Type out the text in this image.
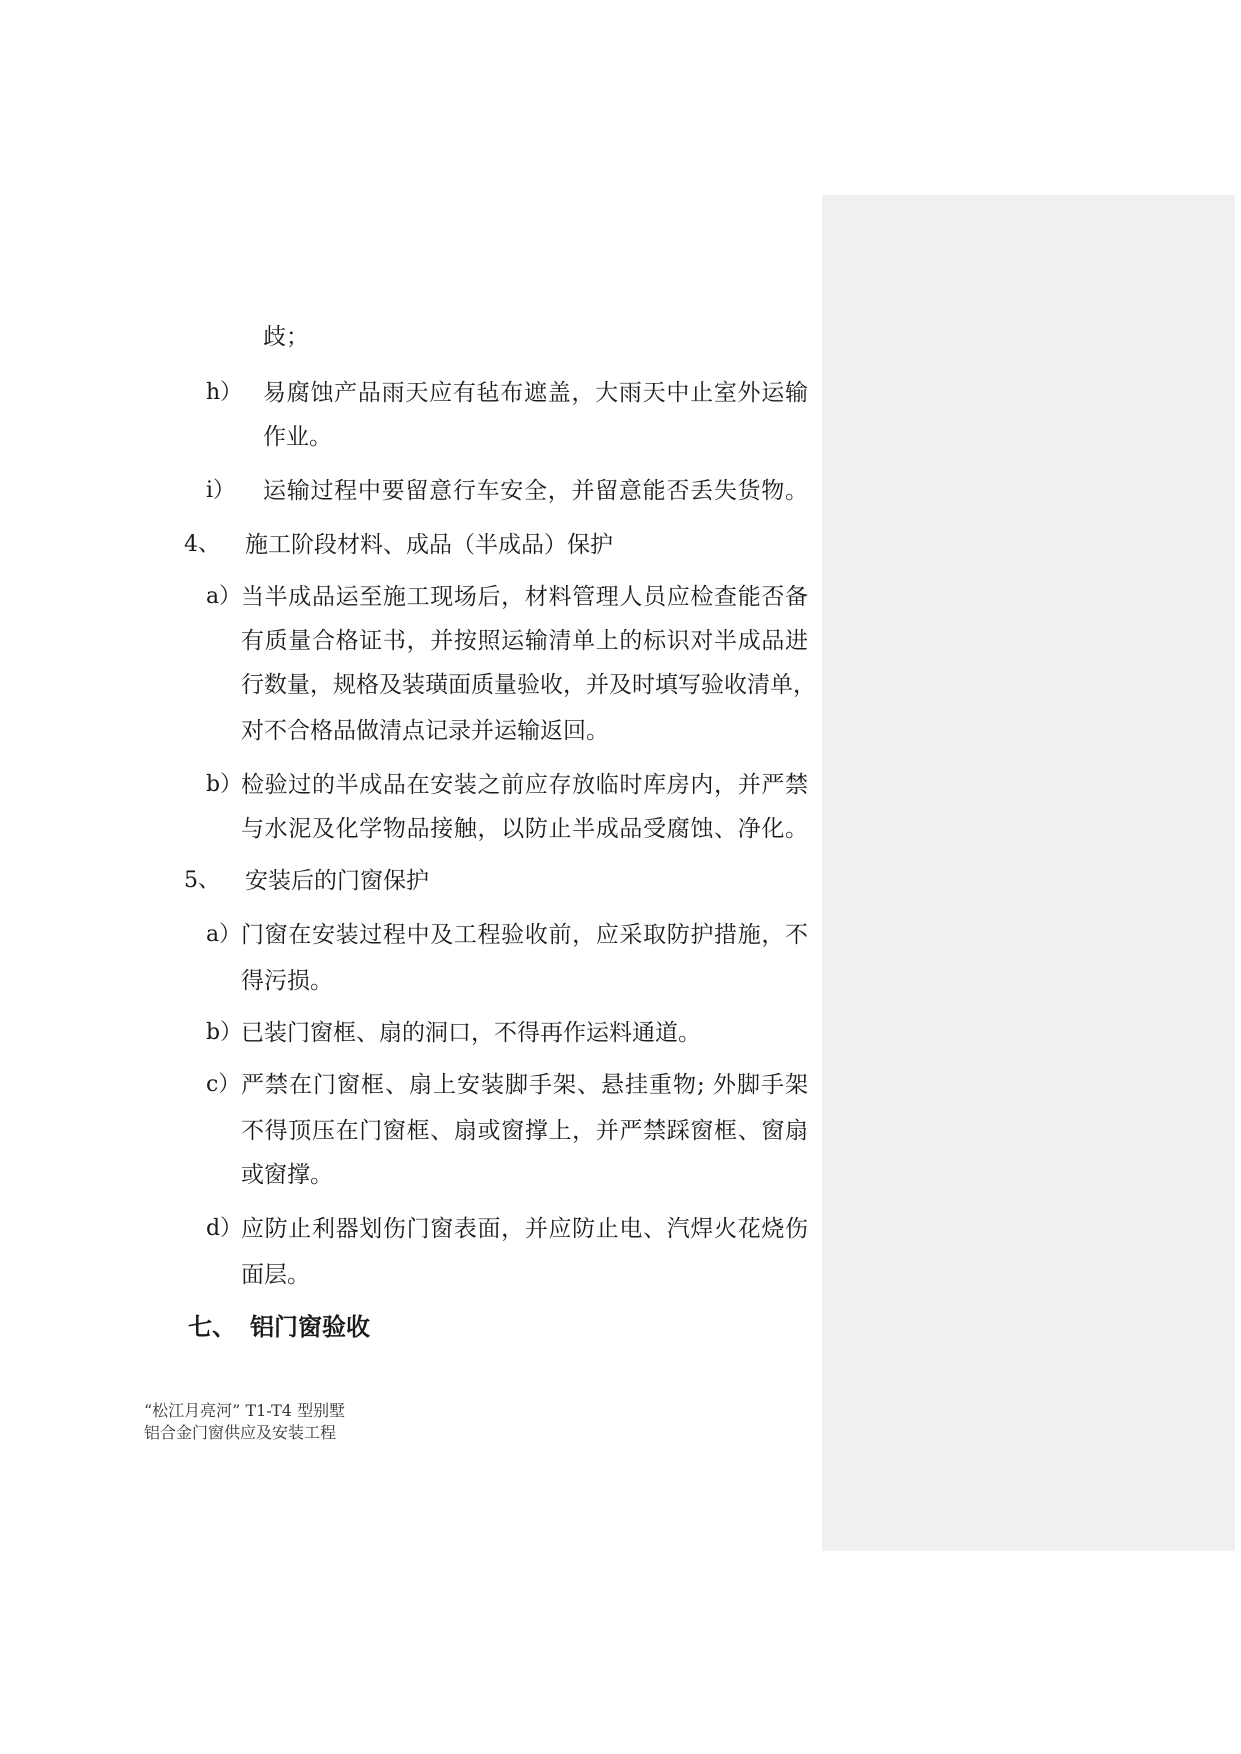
歧；
h） 易腐蚀产品雨天应有毡布遮盖，大雨天中止室外运输
作业。
i） 运输过程中要留意行车安全，并留意能否丢失货物。
4、 施工阶段材料、成品（半成品）保护
a） 当半成品运至施工现场后，材料管理人员应检查能否备
有质量合格证书，并按照运输清单上的标识对半成品进
行数量，规格及装璜面质量验收，并及时填写验收清单，
对不合格品做清点记录并运输返回。
b）
检验过的半成品在安装之前应存放临时库房内，并严禁
与水泥及化学物品接触，以防止半成品受腐蚀、净化。
5、 安装后的门窗保护
a） 门窗在安装过程中及工程验收前，应采取防护措施，不
得污损。
b）
已装门窗框、扇的洞口，不得再作运料通道。
c） 严禁在门窗框、扇上安装脚手架、悬挂重物; 外脚手架
不得顶压在门窗框、扇或窗撑上，并严禁踩窗框、窗扇
或窗撑。
d）
应防止利器划伤门窗表面，并应防止电、汽焊火花烧伤
面层。
七、 铝门窗验收
“松江月亮河” T1-T4 型别墅
铝合金门窗供应及安装工程
